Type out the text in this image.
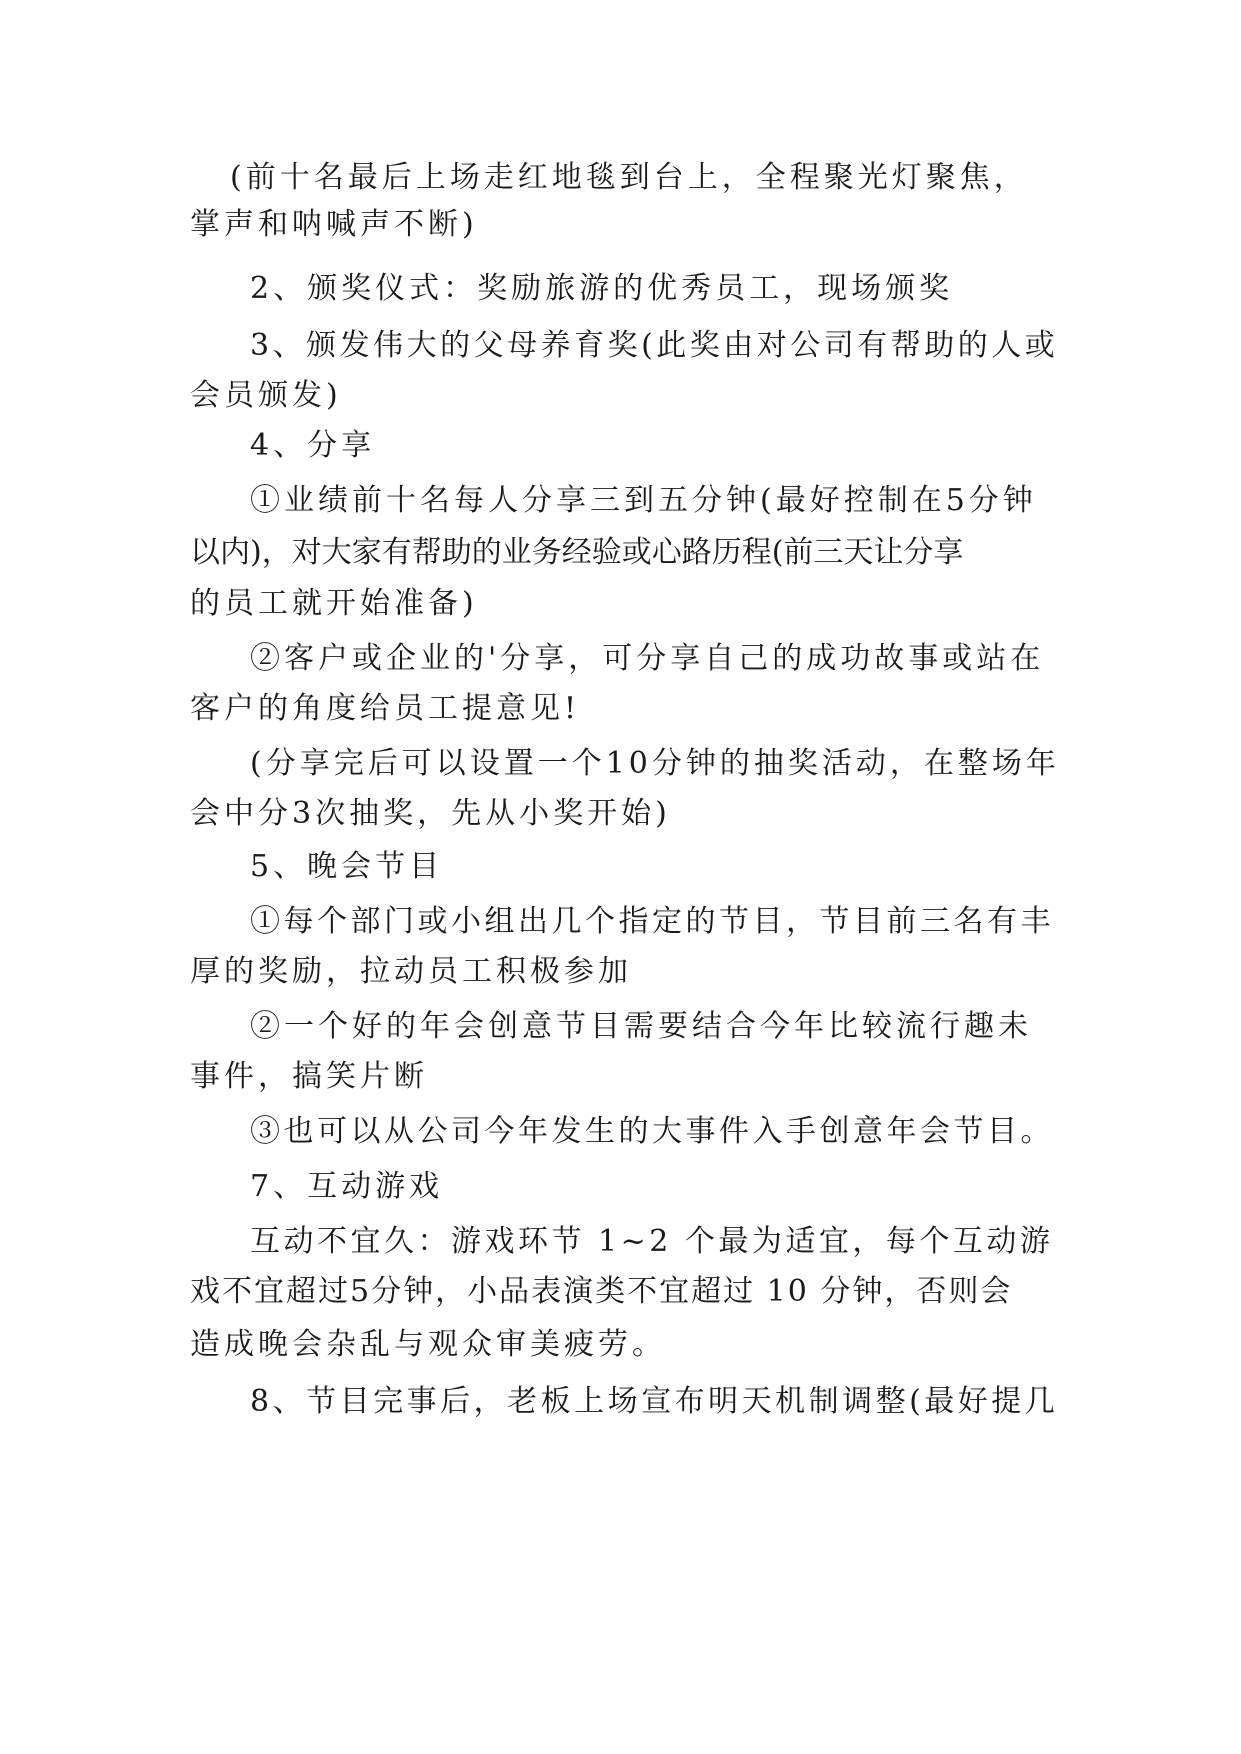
(前十名最后上场走红地毯到台上，全程聚光灯聚焦，
掌声和呐喊声不断)
2、颁奖仪式：奖励旅游的优秀员工，现场颁奖
3、颁发伟大的父母养育奖(此奖由对公司有帮助的人或
会员颁发)
4、分享
①业绩前十名每人分享三到五分钟(最好控制在5分钟
以内)，对大家有帮助的业务经验或心路历程(前三天让分享
的员工就开始准备)
②客户或企业的'分享，可分享自己的成功故事或站在
客户的角度给员工提意见!
(分享完后可以设置一个10分钟的抽奖活动，在整场年
会中分3次抽奖，先从小奖开始)
5、晚会节目
①每个部门或小组出几个指定的节目，节目前三名有丰
厚的奖励，拉动员工积极参加
②一个好的年会创意节目需要结合今年比较流行趣未
事件，搞笑片断
③也可以从公司今年发生的大事件入手创意年会节目。
7、互动游戏
互动不宜久：游戏环节 1~2 个最为适宜，每个互动游
戏不宜超过5分钟，小品表演类不宜超过 10 分钟，否则会
造成晚会杂乱与观众审美疲劳。
8、节目完事后，老板上场宣布明天机制调整(最好提几
